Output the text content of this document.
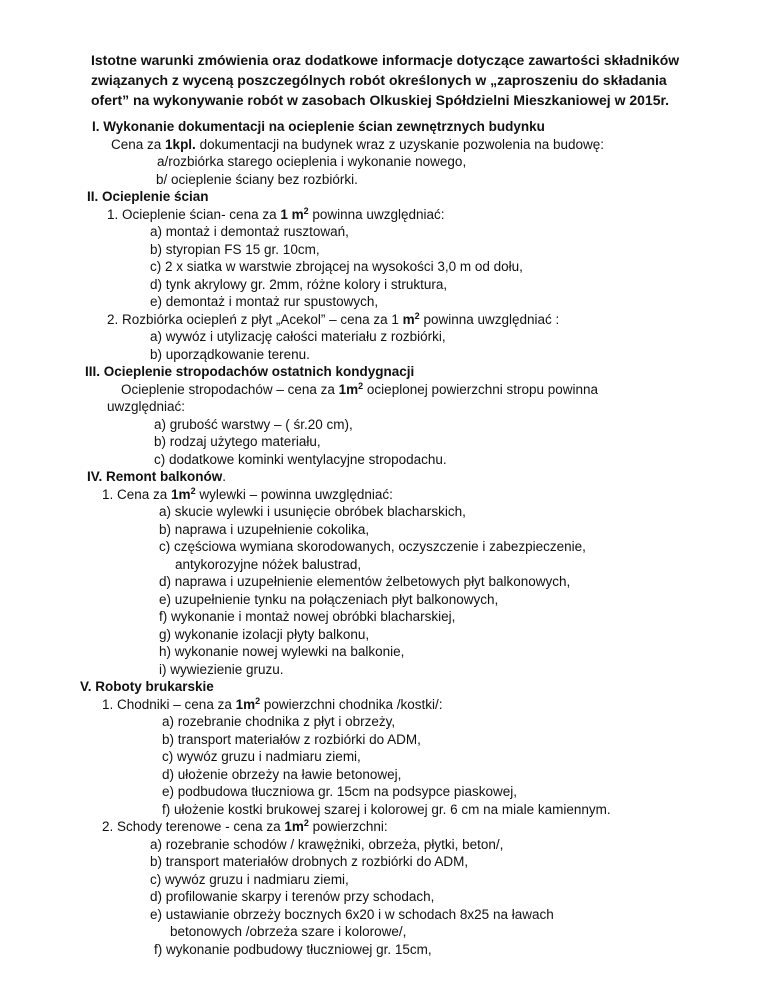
Istotne warunki zmówienia oraz dodatkowe informacje dotyczące zawartości składników
związanych z wyceną poszczególnych robót określonych w „zaproszeniu do składania
ofert” na wykonywanie robót w zasobach Olkuskiej Spółdzielni Mieszkaniowej w 2015r.
I. Wykonanie dokumentacji na ocieplenie ścian zewnętrznych budynku
Cena za 1kpl. dokumentacji na budynek wraz z uzyskanie pozwolenia na budowę:
a/rozbiórka starego ocieplenia i wykonanie nowego,
b/ ocieplenie ściany bez rozbiórki.
II. Ocieplenie ścian
1. Ocieplenie ścian- cena za 1 $m^2$ powinna uwzględniać:
a) montaż i demontaż rusztowań,
b) styropian FS 15 gr. 10cm,
c) 2 x siatka w warstwie zbrojącej na wysokości 3,0 m od dołu,
d) tynk akrylowy gr. 2mm, różne kolory i struktura,
e) demontaż i montaż rur spustowych,
2. Rozbiórka ociepleń z płyt „Acekol” – cena za 1 $m^2$ powinna uwzględniać :
a) wywóz i utylizację całości materiału z rozbiórki,
b) uporządkowanie terenu.
III. Ocieplenie stropodachów ostatnich kondygnacji
Ocieplenie stropodachów – cena za $1m^2$ ocieplonej powierzchni stropu powinna
uwzględniać:
a) grubość warstwy – ( śr.20 cm),
b) rodzaj użytego materiału,
c) dodatkowe kominki wentylacyjne stropodachu.
IV. Remont balkonów.
1. Cena za $1m^2$ wylewki – powinna uwzględniać:
a) skucie wylewki i usunięcie obróbek blacharskich,
b) naprawa i uzupełnienie cokolika,
c) częściowa wymiana skorodowanych, oczyszczenie i zabezpieczenie,
antykorozyjne nóżek balustrad,
d) naprawa i uzupełnienie elementów żelbetowych płyt balkonowych,
e) uzupełnienie tynku na połączeniach płyt balkonowych,
f) wykonanie i montaż nowej obróbki blacharskiej,
g) wykonanie izolacji płyty balkonu,
h) wykonanie nowej wylewki na balkonie,
i) wywiezienie gruzu.
V. Roboty brukarskie
1. Chodniki – cena za $1m^2$ powierzchni chodnika /kostki/:
a) rozebranie chodnika z płyt i obrzeży,
b) transport materiałów z rozbiórki do ADM,
c) wywóz gruzu i nadmiaru ziemi,
d) ułożenie obrzeży na ławie betonowej,
e) podbudowa tłuczniowa gr. 15cm na podsypce piaskowej,
f) ułożenie kostki brukowej szarej i kolorowej gr. 6 cm na miale kamiennym.
2. Schody terenowe - cena za $1m^2$ powierzchni:
a) rozebranie schodów / krawężniki, obrzeża, płytki, beton/,
b) transport materiałów drobnych z rozbiórki do ADM,
c) wywóz gruzu i nadmiaru ziemi,
d) profilowanie skarpy i terenów przy schodach,
e) ustawianie obrzeży bocznych 6x20 i w schodach 8x25 na ławach
betonowych /obrzeża szare i kolorowe/,
f) wykonanie podbudowy tłuczniowej gr. 15cm,
